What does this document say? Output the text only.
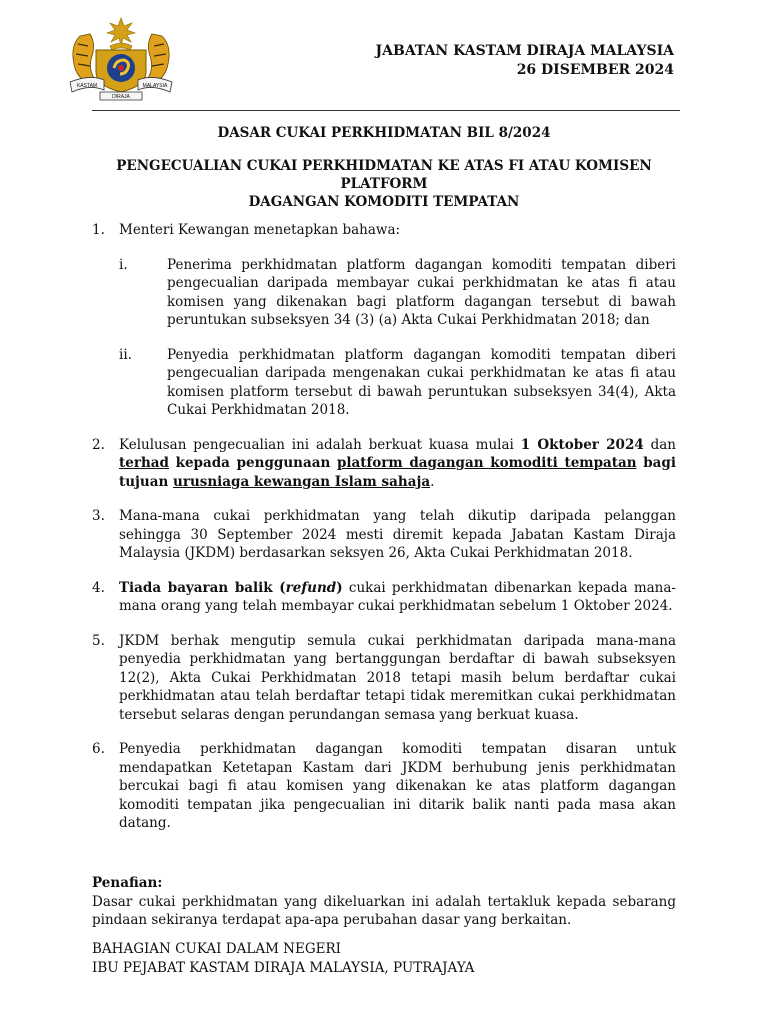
KASTAM	MALAYSIA
DIRAJA
JABATAN KASTAM DIRAJA MALAYSIA
26 DISEMBER 2024
DASAR CUKAI PERKHIDMATAN BIL 8/2024
PENGECUALIAN CUKAI PERKHIDMATAN KE ATAS FI ATAU KOMISEN PLATFORM
DAGANGAN KOMODITI TEMPATAN
1.	Menteri Kewangan menetapkan bahawa:
i.	Penerima perkhidmatan platform dagangan komoditi tempatan diberi pengecualian daripada membayar cukai perkhidmatan ke atas fi atau komisen yang dikenakan bagi platform dagangan tersebut di bawah peruntukan subseksyen 34 (3) (a) Akta Cukai Perkhidmatan 2018; dan
ii.	Penyedia perkhidmatan platform dagangan komoditi tempatan diberi pengecualian daripada mengenakan cukai perkhidmatan ke atas fi atau komisen platform tersebut di bawah peruntukan subseksyen 34(4), Akta Cukai Perkhidmatan 2018.
2.	Kelulusan pengecualian ini adalah berkuat kuasa mulai 1 Oktober 2024 dan terhad kepada penggunaan platform dagangan komoditi tempatan bagi tujuan urusniaga kewangan Islam sahaja.
3.	Mana-mana cukai perkhidmatan yang telah dikutip daripada pelanggan sehingga 30 September 2024 mesti diremit kepada Jabatan Kastam Diraja Malaysia (JKDM) berdasarkan seksyen 26, Akta Cukai Perkhidmatan 2018.
4.	Tiada bayaran balik (refund) cukai perkhidmatan dibenarkan kepada mana-mana orang yang telah membayar cukai perkhidmatan sebelum 1 Oktober 2024.
5.	JKDM berhak mengutip semula cukai perkhidmatan daripada mana-mana penyedia perkhidmatan yang bertanggungan berdaftar di bawah subseksyen 12(2), Akta Cukai Perkhidmatan 2018 tetapi masih belum berdaftar cukai perkhidmatan atau telah berdaftar tetapi tidak meremitkan cukai perkhidmatan tersebut selaras dengan perundangan semasa yang berkuat kuasa.
6.	Penyedia perkhidmatan dagangan komoditi tempatan disaran untuk mendapatkan Ketetapan Kastam dari JKDM berhubung jenis perkhidmatan bercukai bagi fi atau komisen yang dikenakan ke atas platform dagangan komoditi tempatan jika pengecualian ini ditarik balik nanti pada masa akan datang.
Penafian:
Dasar cukai perkhidmatan yang dikeluarkan ini adalah tertakluk kepada sebarang pindaan sekiranya terdapat apa-apa perubahan dasar yang berkaitan.
BAHAGIAN CUKAI DALAM NEGERI
IBU PEJABAT KASTAM DIRAJA MALAYSIA, PUTRAJAYA
